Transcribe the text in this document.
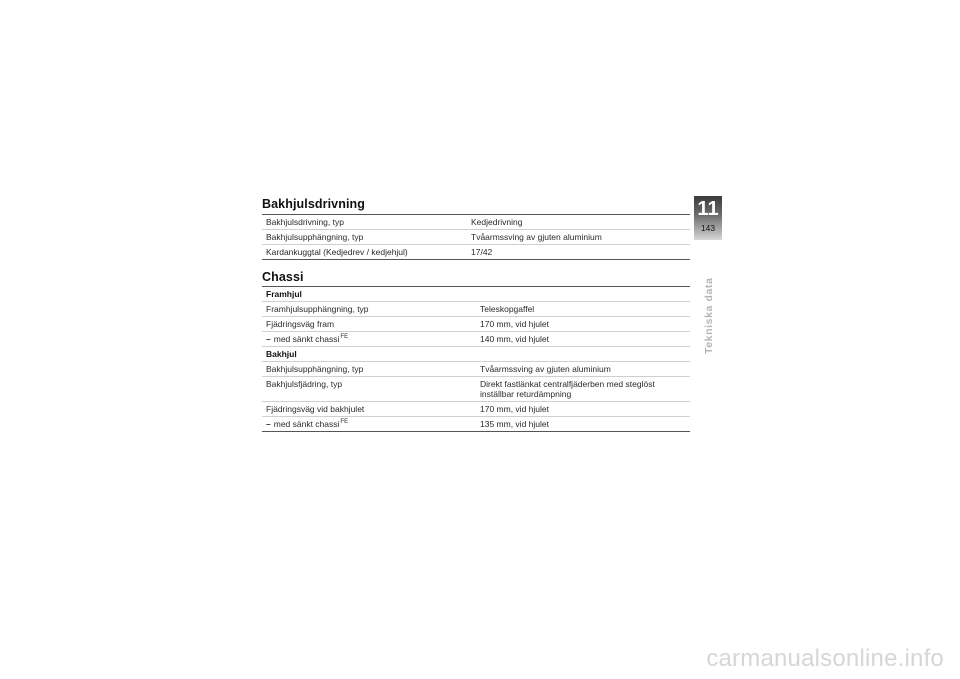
Bakhjulsdrivning
Bakhjulsdrivning, typ	Kedjedrivning
Bakhjulsupphängning, typ	Tvåarmssving av gjuten aluminium
Kardankuggtal (Kedjedrev / kedjehjul)	17/42
Chassi
Framhjul	
Framhjulsupphängning, typ	Teleskopgaffel
Fjädringsväg fram	170 mm, vid hjulet
– med sänkt chassi$^{FE}$	140 mm, vid hjulet
Bakhjul	
Bakhjulsupphängning, typ	Tvåarmssving av gjuten aluminium
Bakhjulsfjädring, typ	Direkt fastlänkat centralfjäderben med steglöst inställbar returdämpning
Fjädringsväg vid bakhjulet	170 mm, vid hjulet
– med sänkt chassi$^{FE}$	135 mm, vid hjulet
11
143
Tekniska data
carmanualsonline.info
